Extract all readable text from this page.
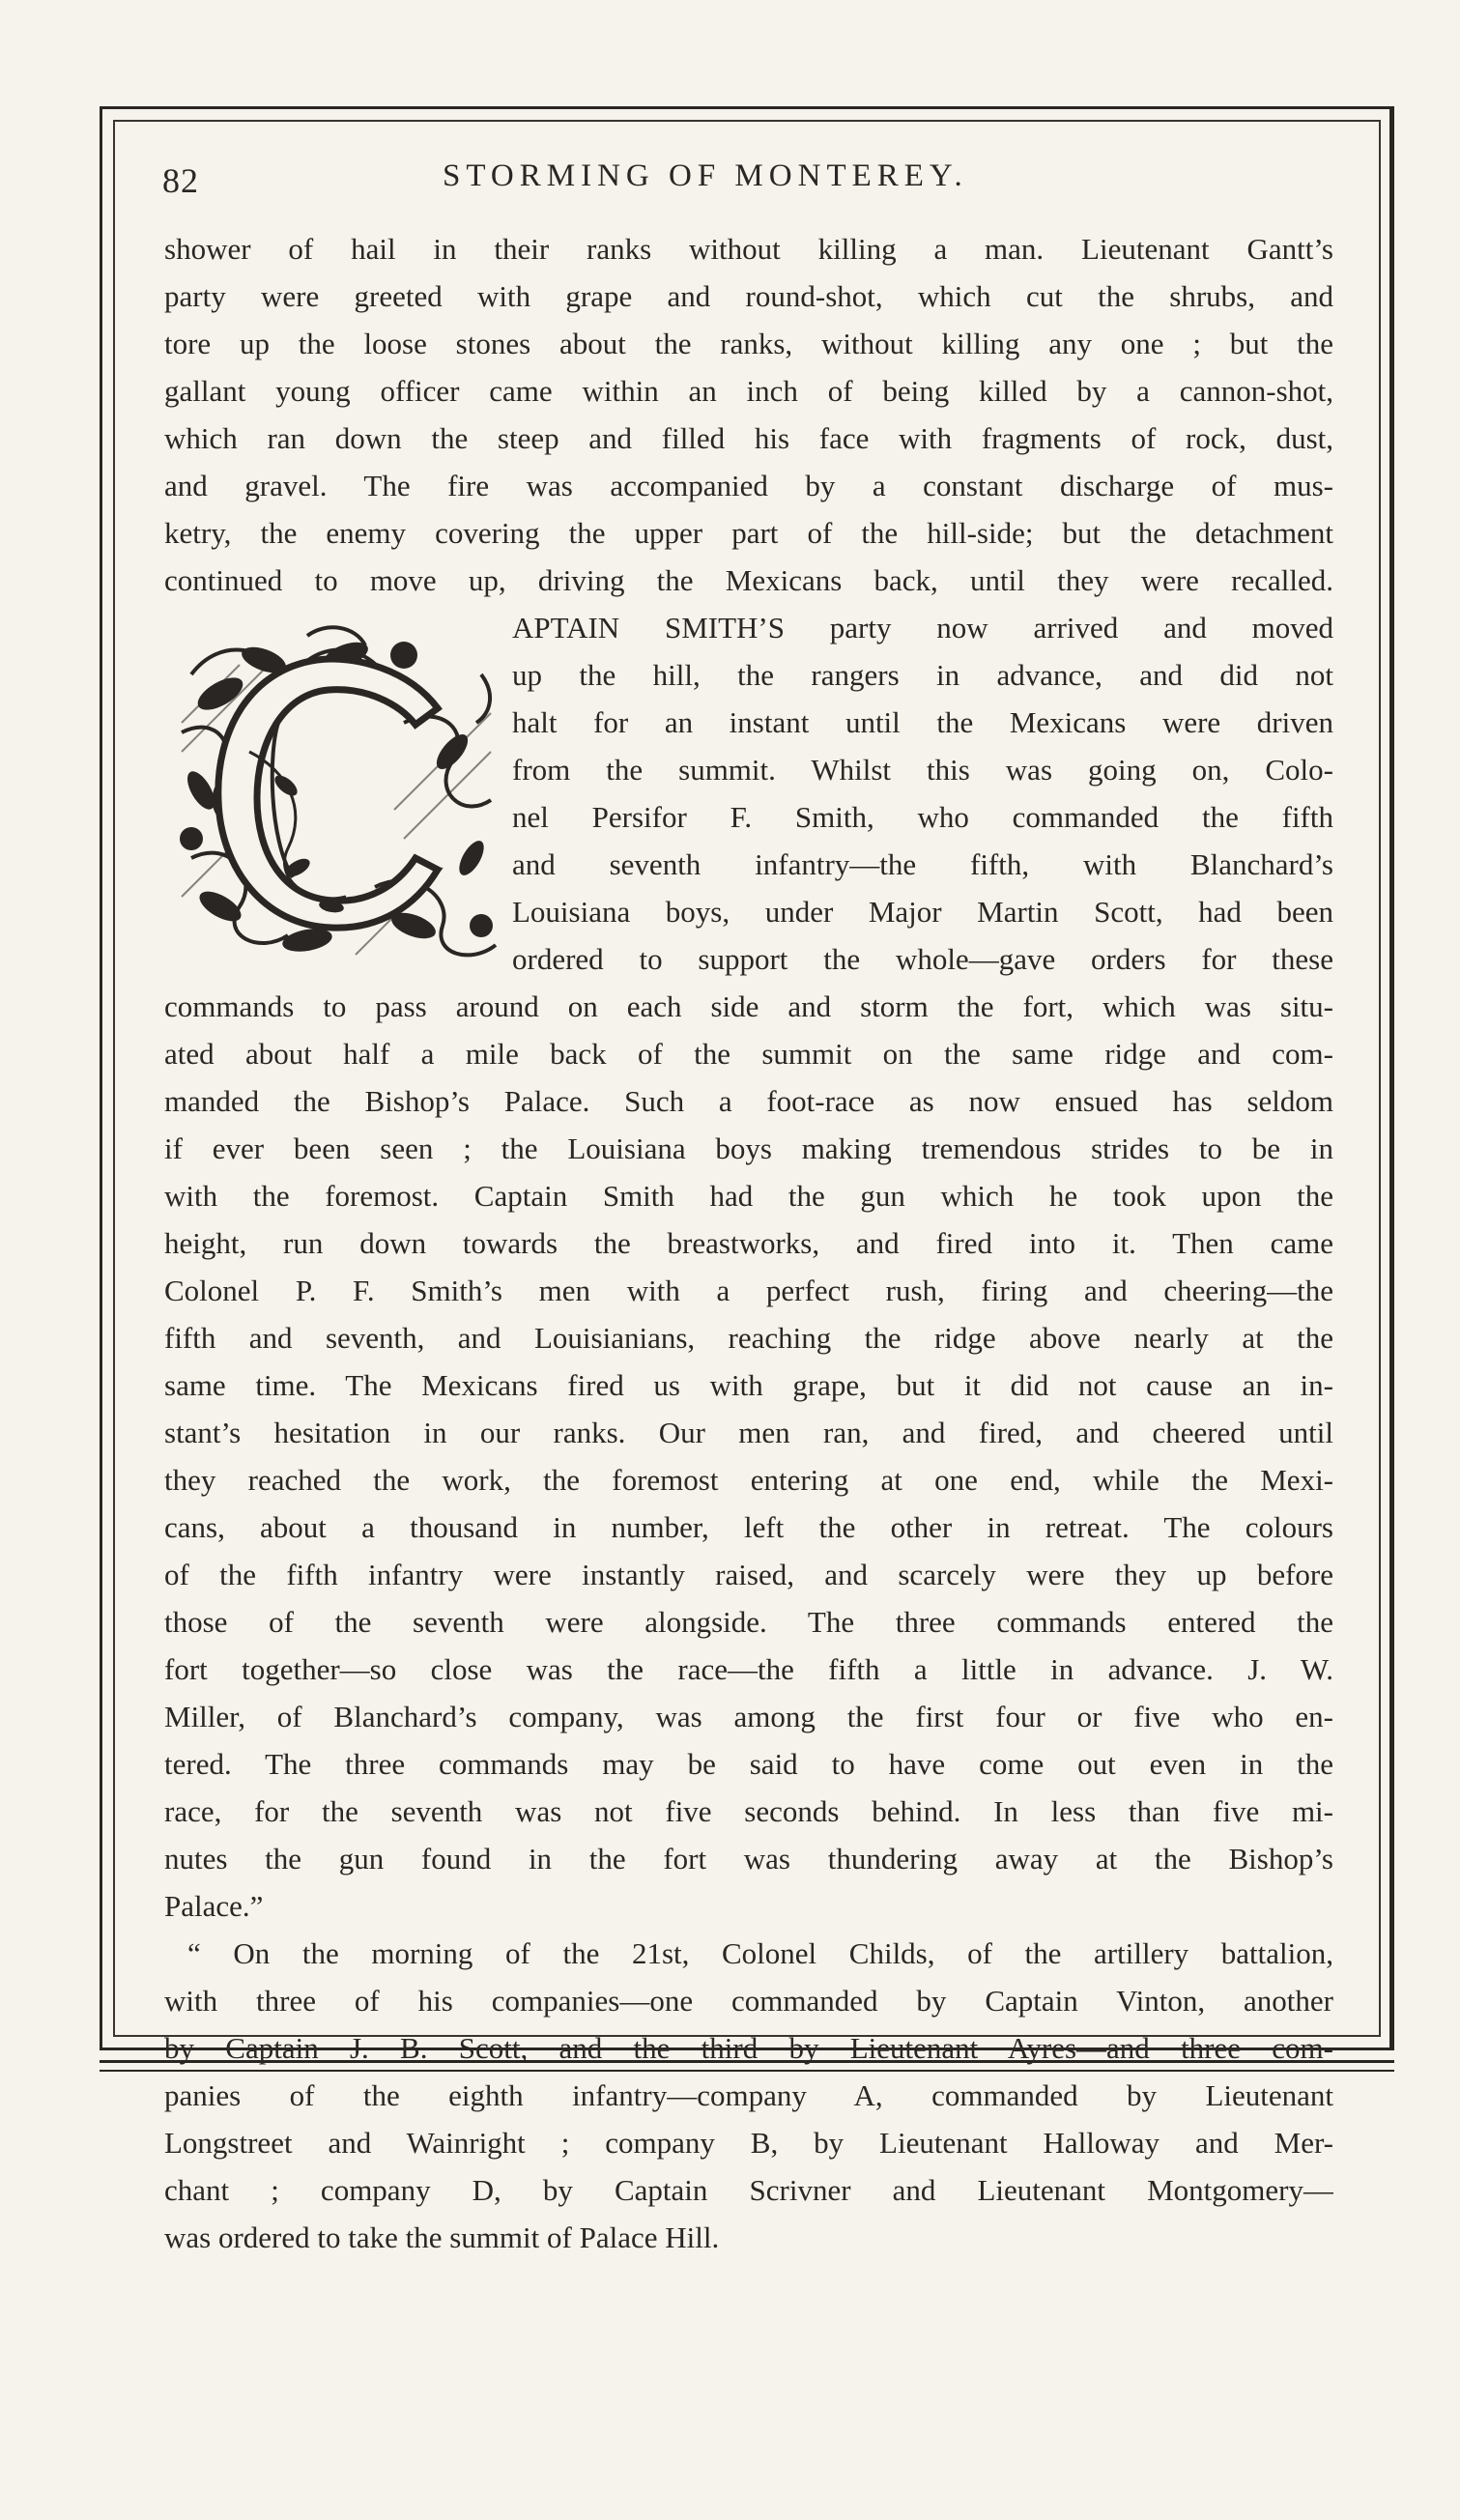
82	STORMING OF MONTEREY.
shower of hail in their ranks without killing a man. Lieutenant Gantt’s
party were greeted with grape and round-shot, which cut the shrubs, and
tore up the loose stones about the ranks, without killing any one ; but the
gallant young officer came within an inch of being killed by a cannon-shot,
which ran down the steep and filled his face with fragments of rock, dust,
and gravel. The fire was accompanied by a constant discharge of mus-
ketry, the enemy covering the upper part of the hill-side; but the detachment
continued to move up, driving the Mexicans back, until they were recalled.
APTAIN SMITH’S party now arrived and moved
up the hill, the rangers in advance, and did not
halt for an instant until the Mexicans were driven
from the summit. Whilst this was going on, Colo-
nel Persifor F. Smith, who commanded the fifth
and seventh infantry—the fifth, with Blanchard’s
Louisiana boys, under Major Martin Scott, had been
ordered to support the whole—gave orders for these
commands to pass around on each side and storm the fort, which was situ-
ated about half a mile back of the summit on the same ridge and com-
manded the Bishop’s Palace. Such a foot-race as now ensued has seldom
if ever been seen ; the Louisiana boys making tremendous strides to be in
with the foremost. Captain Smith had the gun which he took upon the
height, run down towards the breastworks, and fired into it. Then came
Colonel P. F. Smith’s men with a perfect rush, firing and cheering—the
fifth and seventh, and Louisianians, reaching the ridge above nearly at the
same time. The Mexicans fired us with grape, but it did not cause an in-
stant’s hesitation in our ranks. Our men ran, and fired, and cheered until
they reached the work, the foremost entering at one end, while the Mexi-
cans, about a thousand in number, left the other in retreat. The colours
of the fifth infantry were instantly raised, and scarcely were they up before
those of the seventh were alongside. The three commands entered the
fort together—so close was the race—the fifth a little in advance. J. W.
Miller, of Blanchard’s company, was among the first four or five who en-
tered. The three commands may be said to have come out even in the
race, for the seventh was not five seconds behind. In less than five mi-
nutes the gun found in the fort was thundering away at the Bishop’s
Palace.”
“ On the morning of the 21st, Colonel Childs, of the artillery battalion,
with three of his companies—one commanded by Captain Vinton, another
by Captain J. B. Scott, and the third by Lieutenant Ayres—and three com-
panies of the eighth infantry—company A, commanded by Lieutenant
Longstreet and Wainright ; company B, by Lieutenant Halloway and Mer-
chant ; company D, by Captain Scrivner and Lieutenant Montgomery—
was ordered to take the summit of Palace Hill.
